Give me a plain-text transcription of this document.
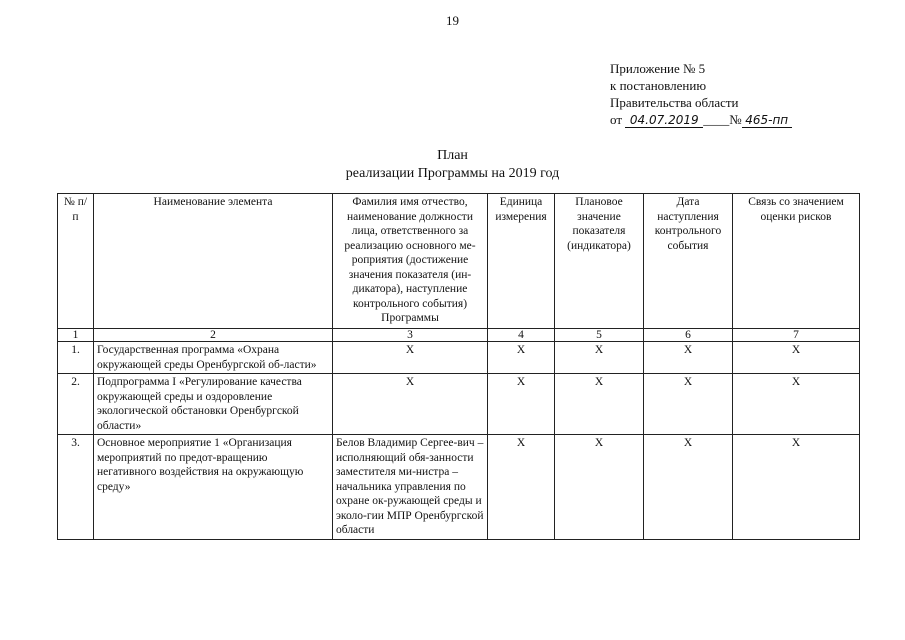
19
Приложение № 5
к постановлению
Правительства области
от 04.07.2019 ____№ 465-пп
План
реализации Программы на 2019 год
№ п/п	Наименование элемента	Фамилия имя отчество, наименование должности лица, ответственного за реализацию основного ме-роприятия (достижение значения показателя (ин-дикатора), наступление контрольного события) Программы	Единица измерения	Плановое значение показателя (индикатора)	Дата наступления контрольного события	Связь со значением оценки рисков
1	2	3	4	5	6	7
1.	Государственная программа «Охрана окружающей среды Оренбургской об-ласти»	X	X	X	X	X
2.	Подпрограмма I «Регулирование качества окружающей среды и оздоровление экологической обстановки Оренбургской области»	X	X	X	X	X
3.	Основное мероприятие 1 «Организация мероприятий по предот-вращению негативного воздействия на окружающую среду»	Белов Владимир Сергее-вич – исполняющий обя-занности заместителя ми-нистра – начальника управления по охране ок-ружающей среды и эколо-гии МПР Оренбургской области	X	X	X	X
